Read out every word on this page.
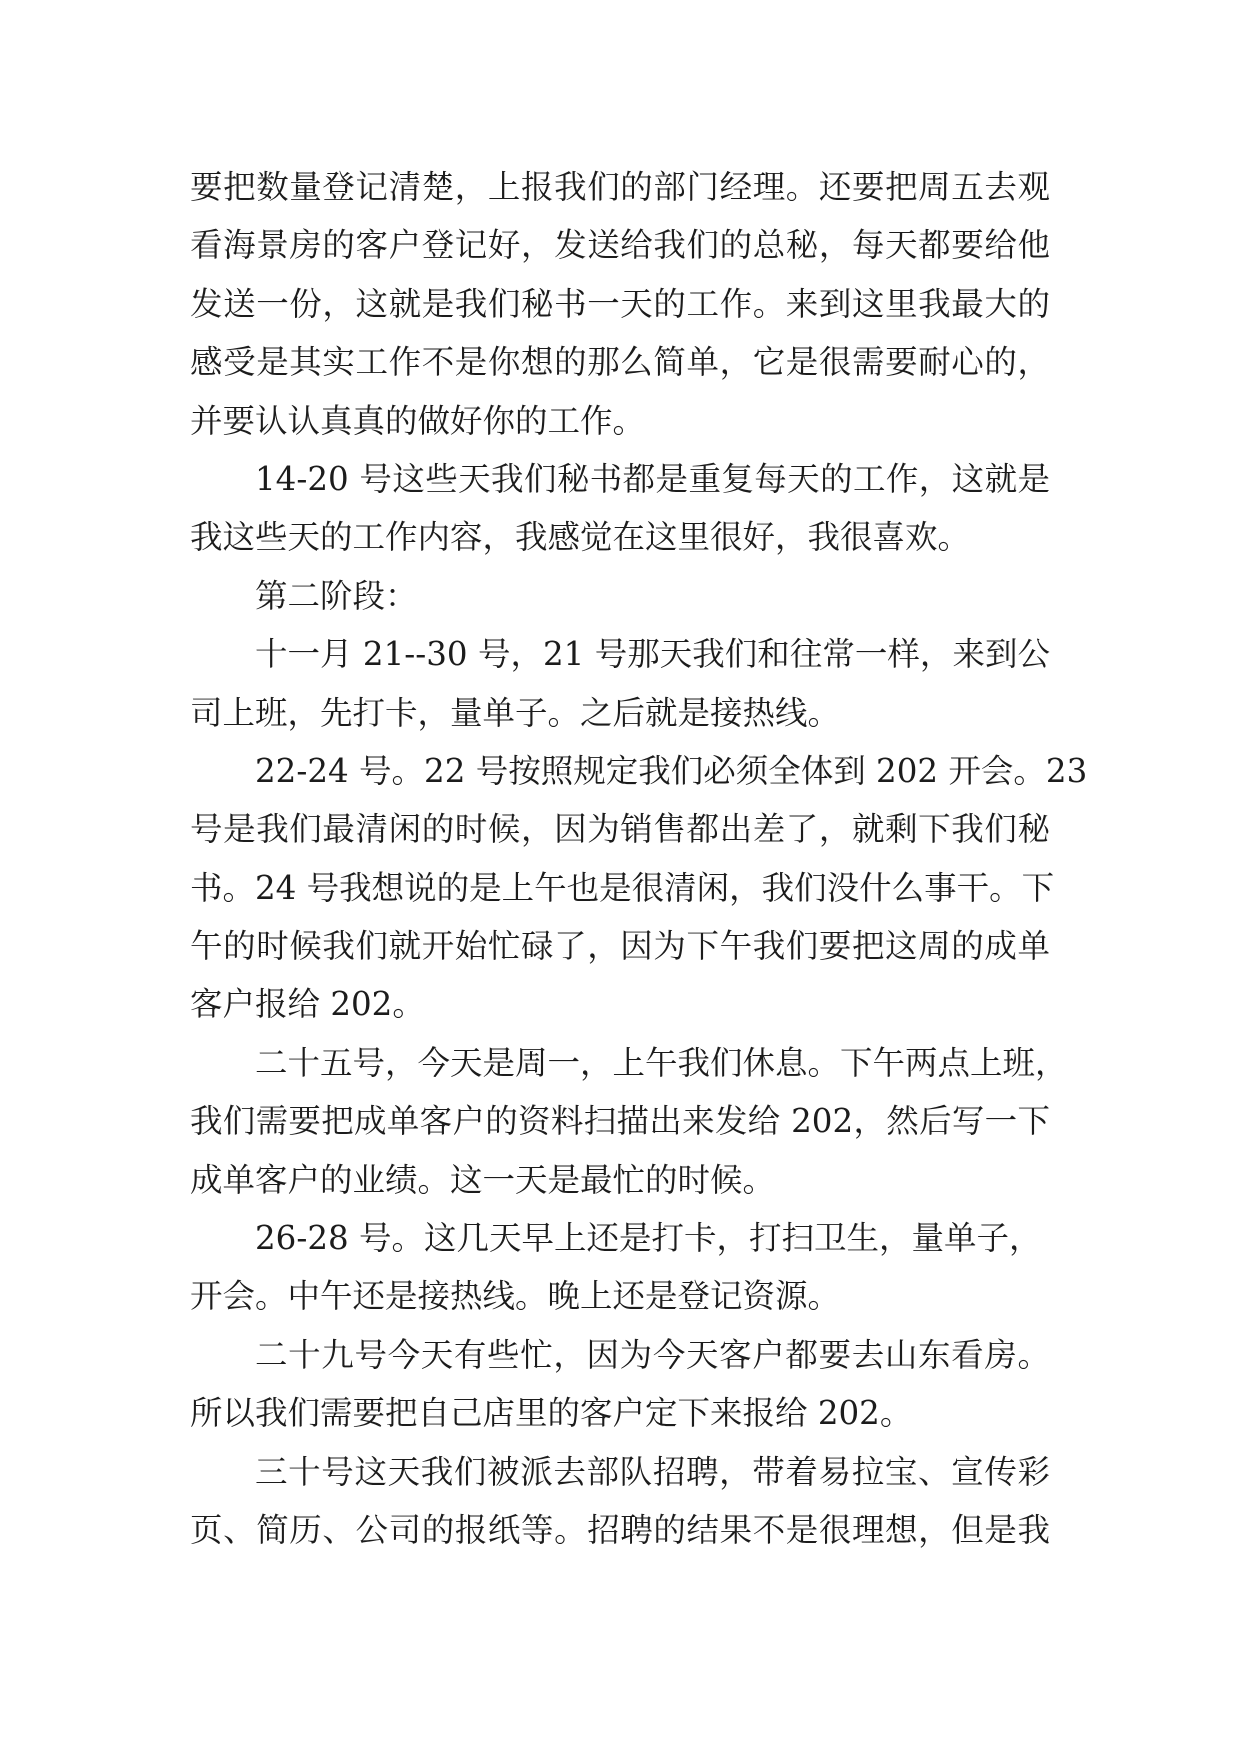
要把数量登记清楚，上报我们的部门经理。还要把周五去观
看海景房的客户登记好，发送给我们的总秘，每天都要给他
发送一份，这就是我们秘书一天的工作。来到这里我最大的
感受是其实工作不是你想的那么简单，它是很需要耐心的，
并要认认真真的做好你的工作。
14-20 号这些天我们秘书都是重复每天的工作，这就是
我这些天的工作内容，我感觉在这里很好，我很喜欢。
第二阶段：
十一月 21--30 号，21 号那天我们和往常一样，来到公
司上班，先打卡，量单子。之后就是接热线。
22-24 号。22 号按照规定我们必须全体到 202 开会。23
号是我们最清闲的时候，因为销售都出差了，就剩下我们秘
书。24 号我想说的是上午也是很清闲，我们没什么事干。下
午的时候我们就开始忙碌了，因为下午我们要把这周的成单
客户报给 202。
二十五号，今天是周一，上午我们休息。下午两点上班，
我们需要把成单客户的资料扫描出来发给 202，然后写一下
成单客户的业绩。这一天是最忙的时候。
26-28 号。这几天早上还是打卡，打扫卫生，量单子，
开会。中午还是接热线。晚上还是登记资源。
二十九号今天有些忙，因为今天客户都要去山东看房。
所以我们需要把自己店里的客户定下来报给 202。
三十号这天我们被派去部队招聘，带着易拉宝、宣传彩
页、简历、公司的报纸等。招聘的结果不是很理想，但是我
